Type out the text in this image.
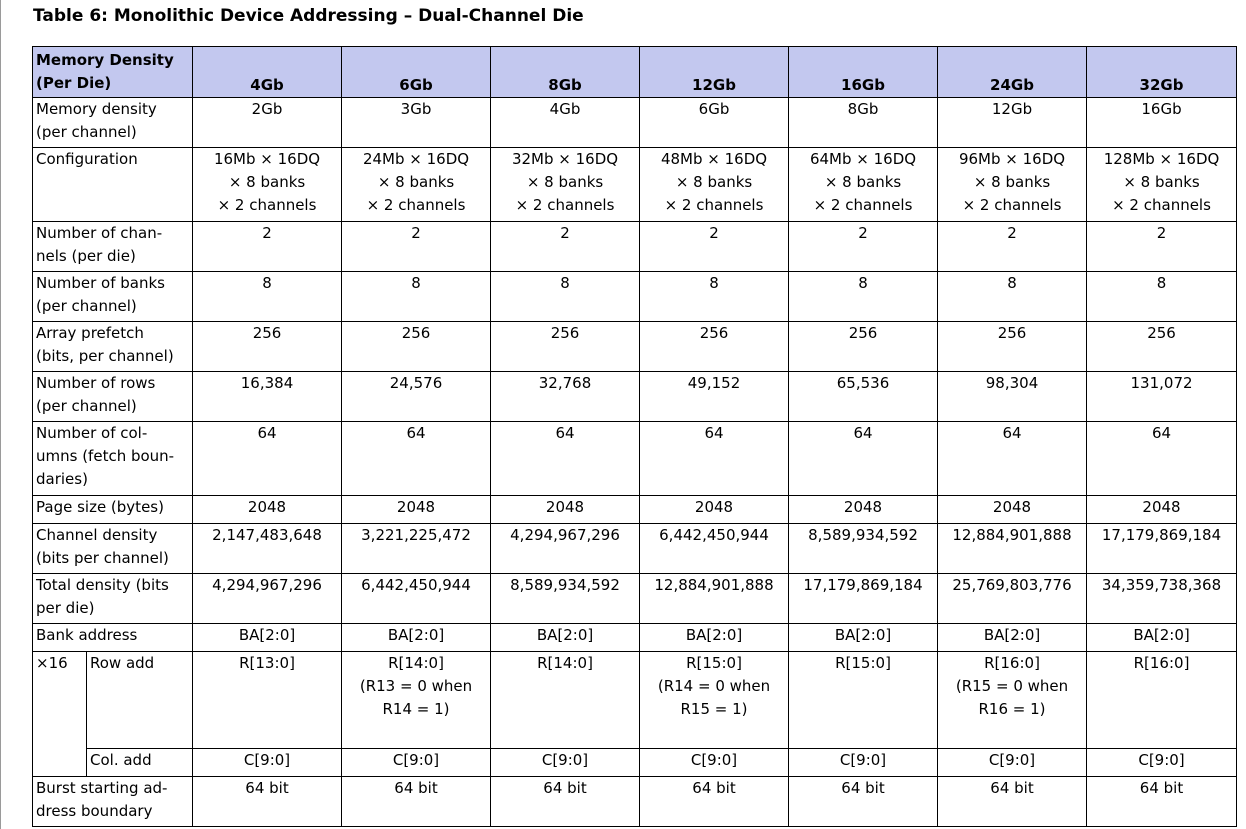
Table 6: Monolithic Device Addressing – Dual-Channel Die
Memory Density
(Per Die)		4Gb	6Gb	8Gb	12Gb	16Gb	24Gb	32Gb

Memory density
(per channel)		2Gb	3Gb	4Gb	6Gb	8Gb	12Gb	16Gb

Configuration		16Mb × 16DQ
× 8 banks
× 2 channels	24Mb × 16DQ
× 8 banks
× 2 channels	32Mb × 16DQ
× 8 banks
× 2 channels	48Mb × 16DQ
× 8 banks
× 2 channels	64Mb × 16DQ
× 8 banks
× 2 channels	96Mb × 16DQ
× 8 banks
× 2 channels	128Mb × 16DQ
× 8 banks
× 2 channels

Number of chan-
nels (per die)		2	2	2	2	2	2	2

Number of banks
(per channel)		8	8	8	8	8	8	8

Array prefetch
(bits, per channel)		256	256	256	256	256	256	256

Number of rows
(per channel)		16,384	24,576	32,768	49,152	65,536	98,304	131,072

Number of col-
umns (fetch boun-
daries)		64	64	64	64	64	64	64

Page size (bytes)		2048	2048	2048	2048	2048	2048	2048

Channel density
(bits per channel)		2,147,483,648	3,221,225,472	4,294,967,296	6,442,450,944	8,589,934,592	12,884,901,888	17,179,869,184

Total density (bits
per die)		4,294,967,296	6,442,450,944	8,589,934,592	12,884,901,888	17,179,869,184	25,769,803,776	34,359,738,368

Bank address		BA[2:0]	BA[2:0]	BA[2:0]	BA[2:0]	BA[2:0]	BA[2:0]	BA[2:0]
×16	Row add	R[13:0]	R[14:0]
(R13 = 0 when
R14 = 1)	R[14:0]	R[15:0]
(R14 = 0 when
R15 = 1)	R[15:0]	R[16:0]
(R15 = 0 when
R16 = 1)	R[16:0]

	Col. add	C[9:0]	C[9:0]	C[9:0]	C[9:0]	C[9:0]	C[9:0]	C[9:0]

Burst starting ad-
dress boundary		64 bit	64 bit	64 bit	64 bit	64 bit	64 bit	64 bit
